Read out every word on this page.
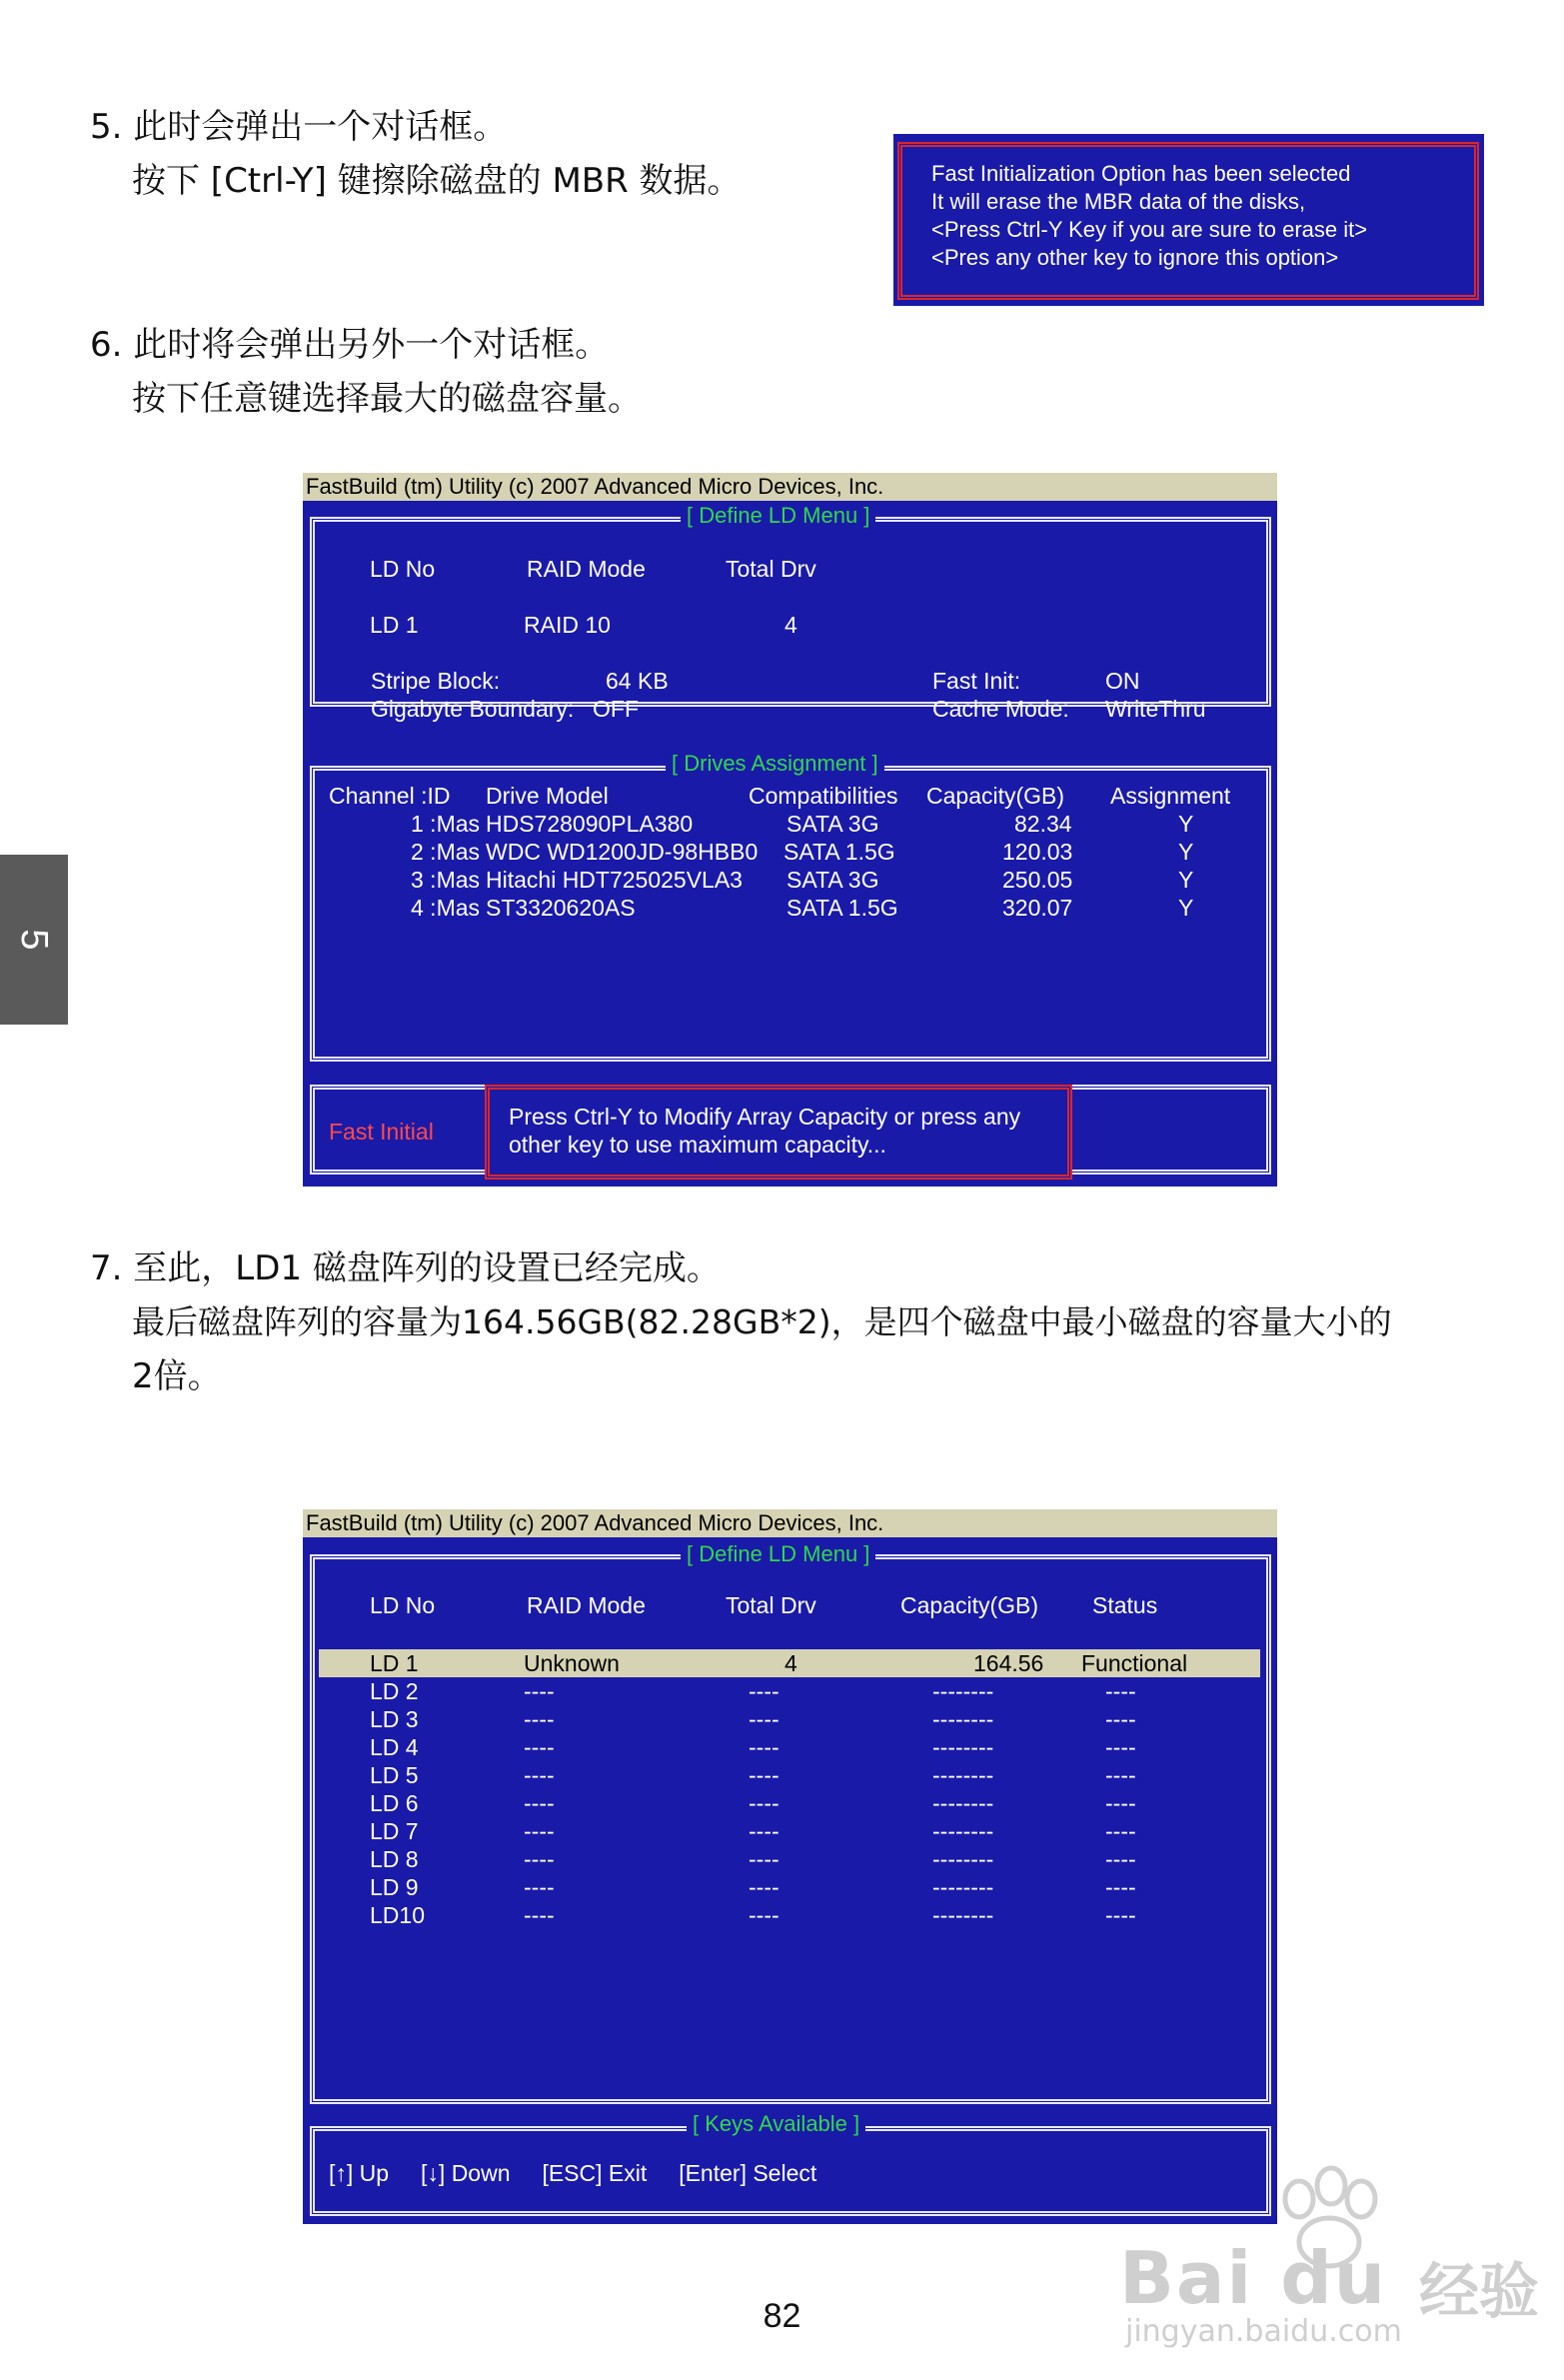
5
5. 此时会弹出一个对话框。
按下 [Ctrl-Y] 键擦除磁盘的 MBR 数据。	Fast Initialization Option has been selected
It will erase the MBR data of the disks,
<Press Ctrl-Y Key if you are sure to erase it>
<Pres any other key to ignore this option>
6. 此时将会弹出另外一个对话框。
按下任意键选择最大的磁盘容量。
FastBuild (tm) Utility (c) 2007 Advanced Micro Devices, Inc.
[ Define LD Menu ]
LD No	RAID Mode	Total Drv
LD 1	RAID 10	4
Stripe Block:	64 KB
Gigabyte Boundary: OFF
Fast Init:	ON
Cache Mode: WriteThru
[ Drives Assignment ]
Channel :ID Drive Model	Compatibilities Capacity(GB) Assignment
1 :Mas HDS728090PLA380	SATA 3G	82.34	Y
2 :Mas WDC WD1200JD-98HBB0 SATA 1.5G	120.03	Y
3 :Mas Hitachi HDT725025VLA3 SATA 3G	250.05	Y
4 :Mas ST3320620AS	SATA 1.5G	320.07	Y
Fast Initial
Press Ctrl-Y to Modify Array Capacity or press any
other key to use maximum capacity...
7. 至此，LD1 磁盘阵列的设置已经完成。
最后磁盘阵列的容量为164.56GB(82.28GB*2)，是四个磁盘中最小磁盘的容量大小的
2倍。
FastBuild (tm) Utility (c) 2007 Advanced Micro Devices, Inc.
[ Define LD Menu ]
LD No	RAID Mode	Total Drv	Capacity(GB) Status
LD 1	Unknown	4	164.56 Functional
LD 2	----	----	--------	----
LD 3	----	----	--------	----
LD 4	----	----	--------	----
LD 5	----	----	--------	----
LD 6	----	----	--------	----
LD 7	----	----	--------	----
LD 8	----	----	--------	----
LD 9	----	----	--------	----
LD10	----	----	--------	----
[ Keys Available ]
[↑] Up     [↓] Down     [ESC] Exit     [Enter] Select
82	Bai du 经验
jingyan.baidu.com
